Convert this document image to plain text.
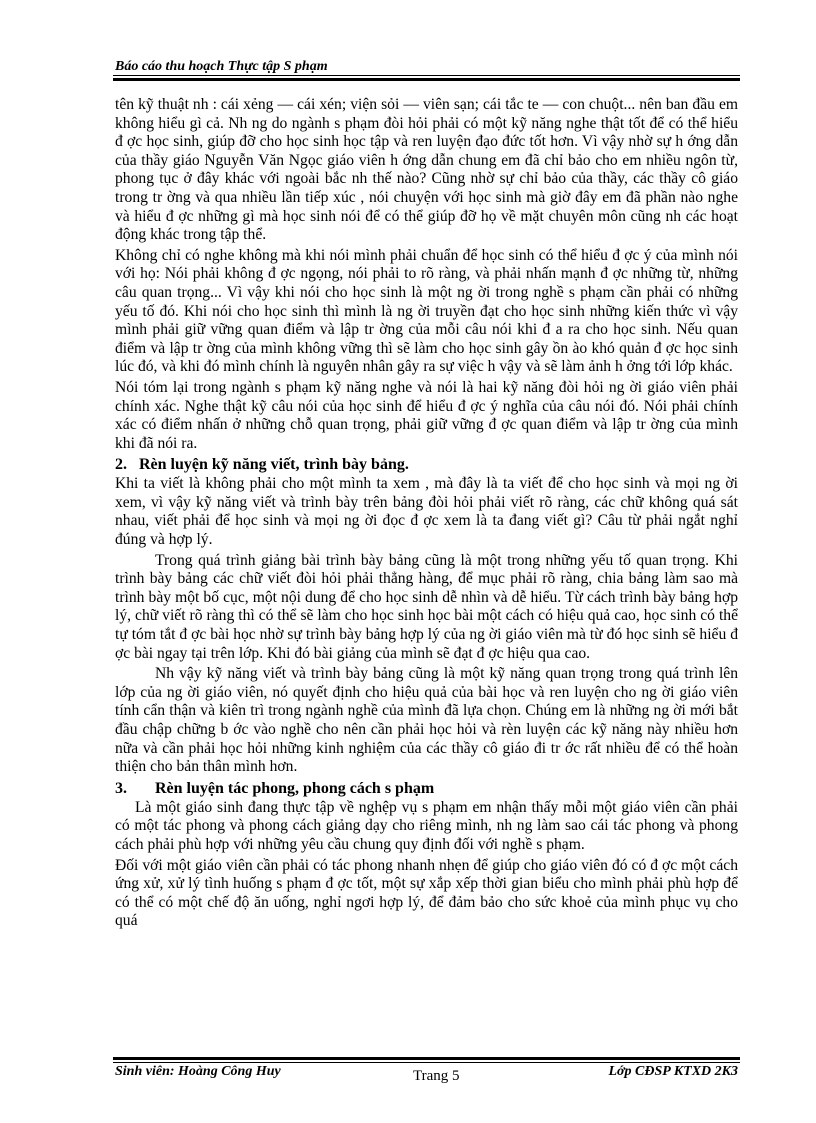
Báo cáo thu hoạch Thực tập S phạm

tên kỹ thuật nh : cái xẻng — cái xén; viện sỏi — viên sạn; cái tắc te — con chuột... nên ban đầu em không hiểu gì cả. Nh ng do ngành s phạm đòi hỏi phải có một kỹ năng nghe thật tốt để có thể hiểu đ ợc học sinh, giúp đỡ cho học sinh học tập và ren luyện đạo đức tốt hơn. Vì vậy nhờ sự h ớng dẫn của thầy giáo Nguyễn Văn Ngọc giáo viên h ớng dẫn chung em đã chỉ bảo cho em nhiều ngôn từ, phong tục ở đây khác với ngoài bắc nh thế nào? Cũng nhờ sự chỉ bảo của thầy, các thầy cô giáo trong tr ờng và qua nhiều lần tiếp xúc , nói chuyện với học sinh mà giờ đây em đã phần nào nghe và hiểu đ ợc những gì mà học sinh nói để có thể giúp đỡ họ về mặt chuyên môn cũng nh các hoạt động khác trong tập thể.

Không chỉ có nghe không mà khi nói mình phải chuẩn để học sinh có thể hiểu đ ợc ý của mình nói với họ: Nói phải không đ ợc ngọng, nói phải to rõ ràng, và phải nhấn mạnh đ ợc những từ, những câu quan trọng... Vì vậy khi nói cho học sinh là một ng ời trong nghề s phạm cần phải có những yếu tố đó. Khi nói cho học sinh thì mình là ng ời truyền đạt cho học sinh những kiến thức vì vậy mình phải giữ vững quan điểm và lập tr ờng của mỗi câu nói khi đ a ra cho học sinh. Nếu quan điểm và lập tr ờng của mình không vững thì sẽ làm cho học sinh gây ồn ào khó quản đ ợc học sinh lúc đó, và khi đó mình chính là nguyên nhân gây ra sự việc h vậy và sẽ làm ảnh h ởng tới lớp khác.

Nói tóm lại trong ngành s phạm kỹ năng nghe và nói là hai kỹ năng đòi hỏi ng ời giáo viên phải chính xác. Nghe thật kỹ câu nói của học sinh để hiểu đ ợc ý nghĩa của câu nói đó. Nói phải chính xác có điểm nhấn ở những chỗ quan trọng, phải giữ vững đ ợc quan điểm và lập tr ờng của mình khi đã nói ra.

2. Rèn luyện kỹ năng viết, trình bày bảng.

Khi ta viết là không phải cho một mình ta xem , mà đây là ta viết để cho học sinh và mọi ng ời xem, vì vậy kỹ năng viết và trình bày trên bảng đòi hỏi phải viết rõ ràng, các chữ không quá sát nhau, viết phải để học sinh và mọi ng ời đọc đ ợc xem là ta đang viết gì? Câu từ phải ngắt nghỉ đúng và hợp lý.

Trong quá trình giảng bài trình bày bảng cũng là một trong những yếu tố quan trọng. Khi trình bày bảng các chữ viết đòi hỏi phải thẳng hàng, để mục phải rõ ràng, chia bảng làm sao mà trình bày một bố cục, một nội dung để cho học sinh dễ nhìn và dễ hiểu. Từ cách trình bày bảng hợp lý, chữ viết rõ ràng thì có thể sẽ làm cho học sinh học bài một cách có hiệu quả cao, học sinh có thể tự tóm tắt đ ợc bài học nhờ sự trình bày bảng hợp lý của ng ời giáo viên mà từ đó học sinh sẽ hiểu đ ợc bài ngay tại trên lớp. Khi đó bài giảng của mình sẽ đạt đ ợc hiệu qua cao.

Nh vậy kỹ năng viết và trình bày bảng cũng là một kỹ năng quan trọng trong quá trình lên lớp của ng ời giáo viên, nó quyết định cho hiệu quả của bài học và ren luyện cho ng ời giáo viên tính cẩn thận và kiên trì trong ngành nghề của mình đã lựa chọn. Chúng em là những ng ời mới bắt đầu chập chững b ớc vào nghề cho nên cần phải học hỏi và rèn luyện các kỹ năng này nhiều hơn nữa và cần phải học hỏi những kinh nghiệm của các thầy cô giáo đi tr ớc rất nhiều để có thể hoàn thiện cho bản thân mình hơn.

3. Rèn luyện tác phong, phong cách s phạm

Là một giáo sinh đang thực tập về nghệp vụ s phạm em nhận thấy mỗi một giáo viên cần phải có một tác phong và phong cách giảng dạy cho riêng mình, nh ng làm sao cái tác phong và phong cách phải phù hợp với những yêu cầu chung quy định đối với nghề s phạm.

Đối với một giáo viên cần phải có tác phong nhanh nhẹn để giúp cho giáo viên đó có đ ợc một cách ứng xử, xử lý tình huống s phạm đ ợc tốt, một sự xắp xếp thời gian biểu cho mình phải phù hợp để có thể có một chế độ ăn uống, nghỉ ngơi hợp lý, để đảm bảo cho sức khoẻ của mình phục vụ cho quá

Sinh viên: Hoàng Công Huy	Trang 5	Lớp CĐSP KTXD 2K3
